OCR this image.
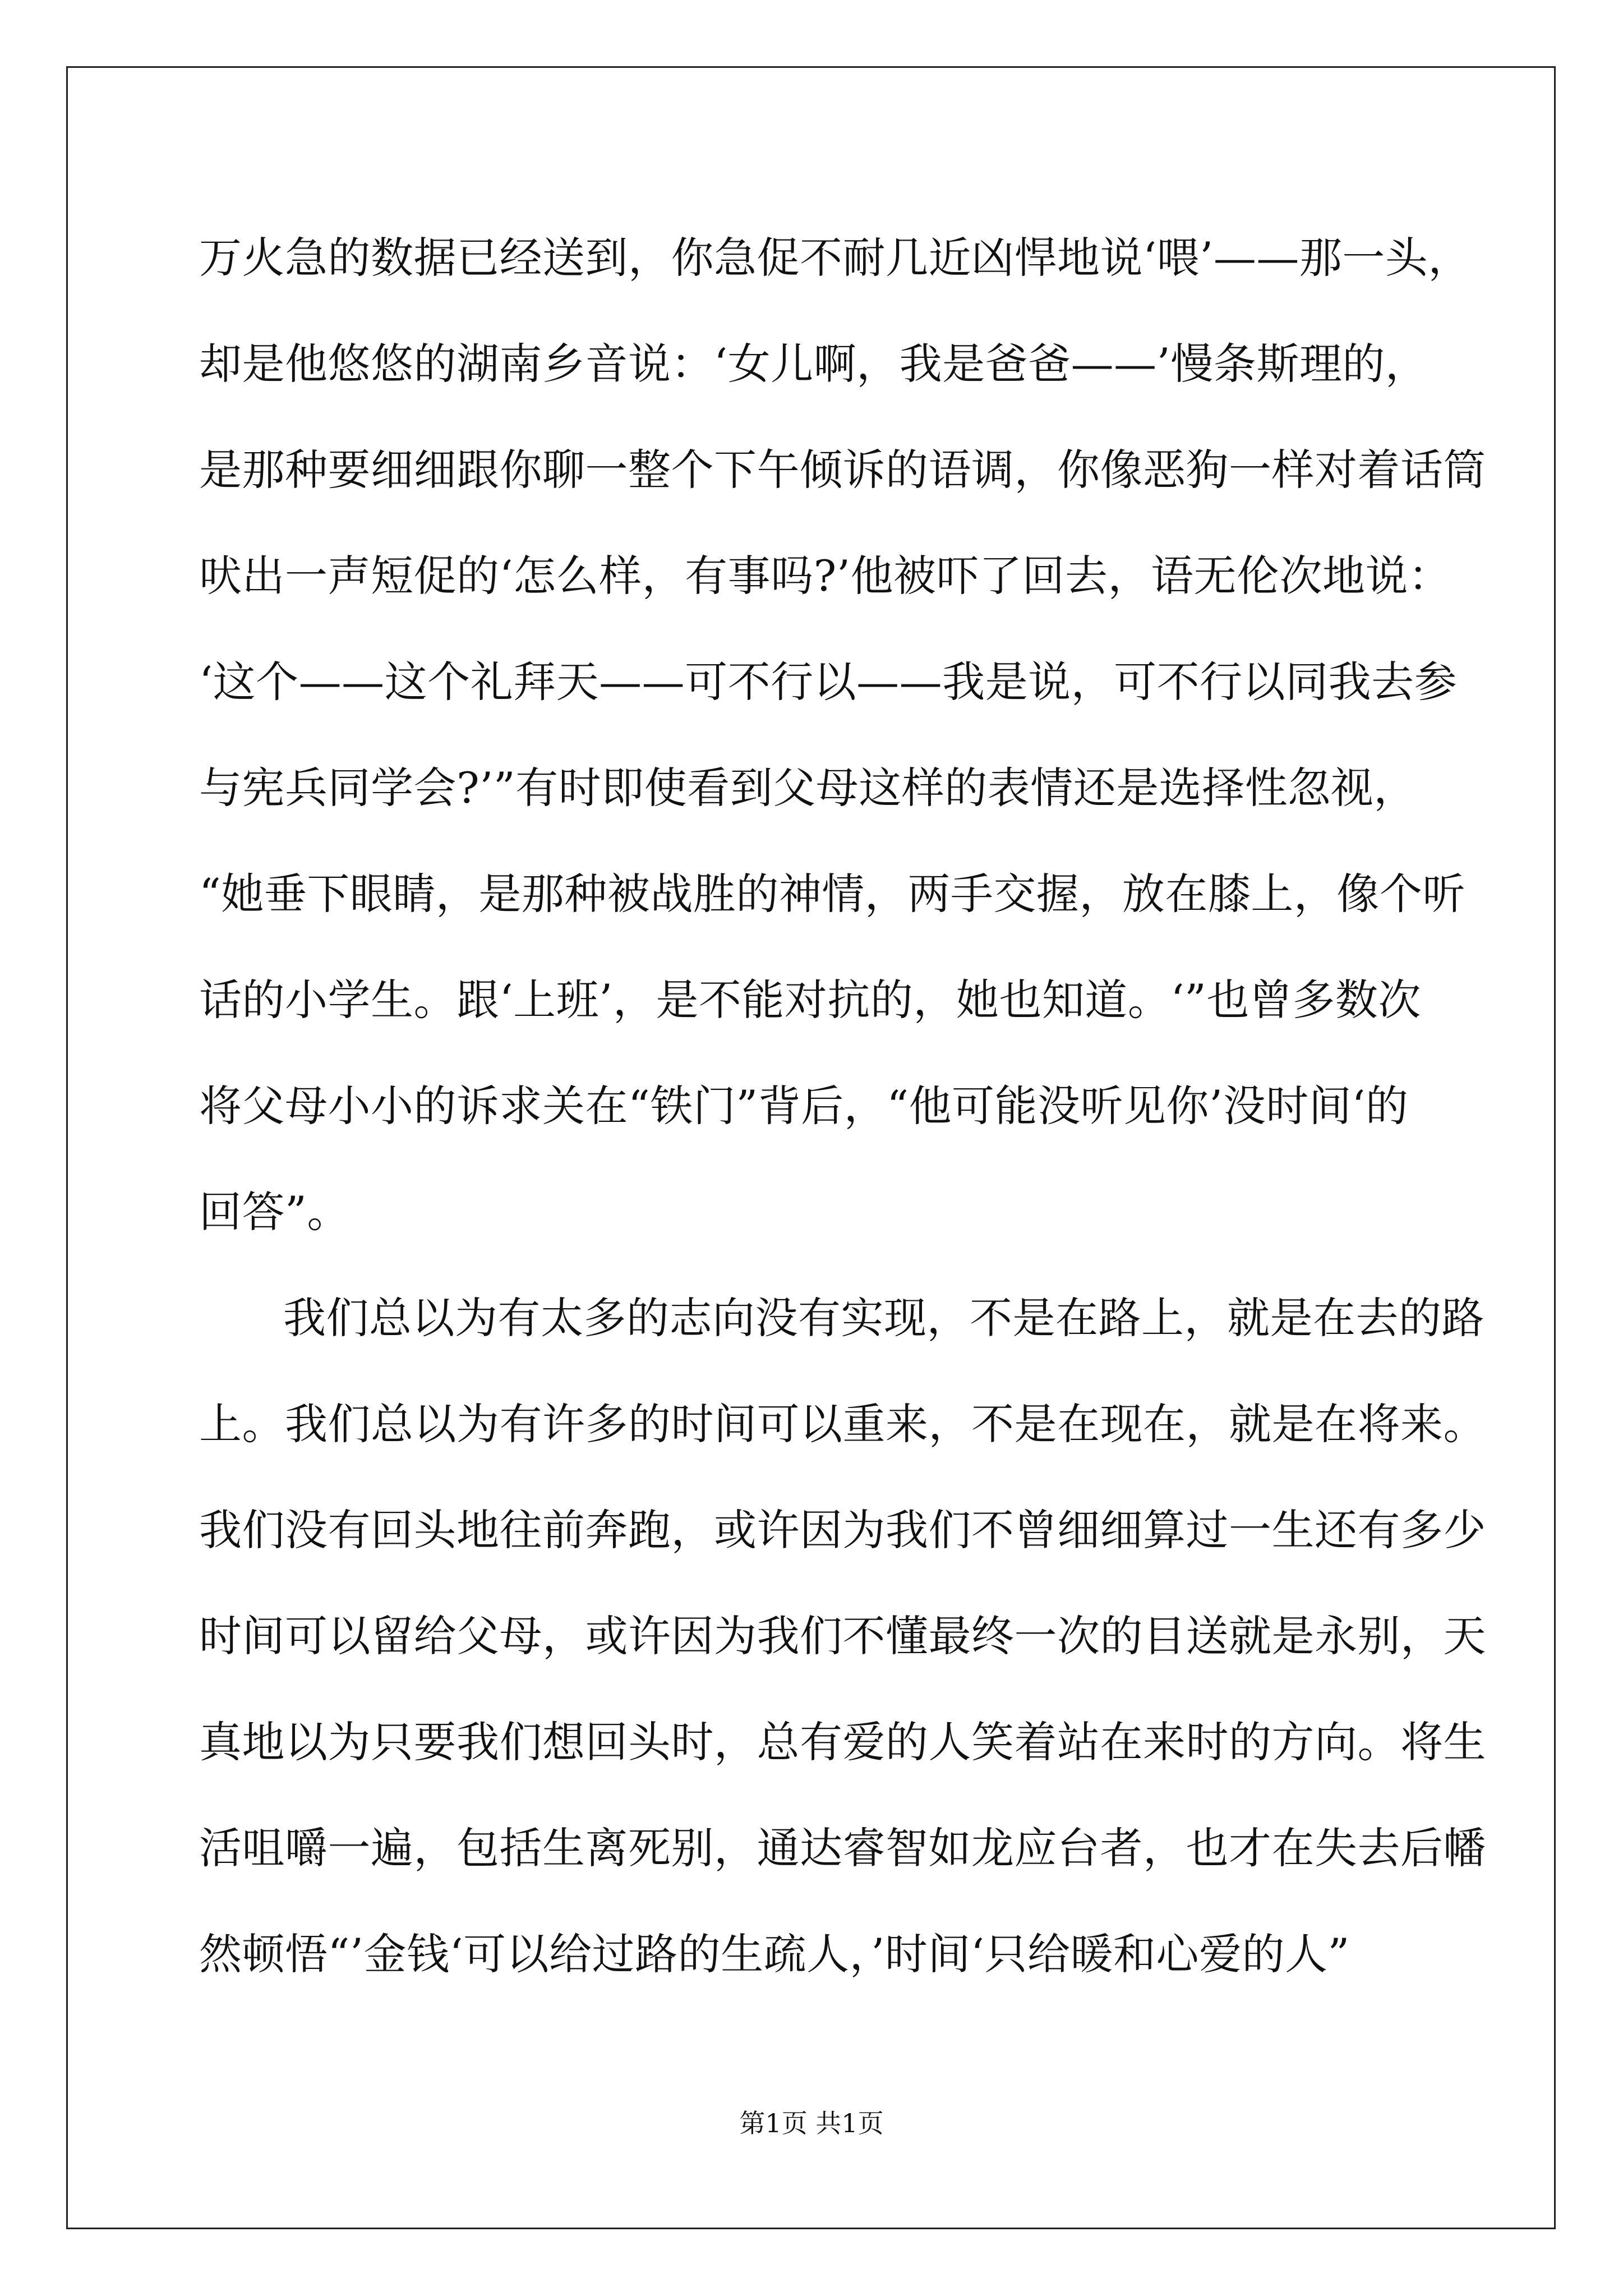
万火急的数据已经送到，你急促不耐几近凶悍地说‘喂’——那一头，
却是他悠悠的湖南乡音说：‘女儿啊，我是爸爸——’慢条斯理的，
是那种要细细跟你聊一整个下午倾诉的语调，你像恶狗一样对着话筒
吠出一声短促的‘怎么样，有事吗?’他被吓了回去，语无伦次地说：
‘这个——这个礼拜天——可不行以——我是说，可不行以同我去参
与宪兵同学会?’”有时即使看到父母这样的表情还是选择性忽视，
“她垂下眼睛，是那种被战胜的神情，两手交握，放在膝上，像个听
话的小学生。跟‘上班’，是不能对抗的，她也知道。‘”也曾多数次
将父母小小的诉求关在“铁门”背后，“他可能没听见你’没时间‘的
回答”。
我们总以为有太多的志向没有实现，不是在路上，就是在去的路
上。我们总以为有许多的时间可以重来，不是在现在，就是在将来。
我们没有回头地往前奔跑，或许因为我们不曾细细算过一生还有多少
时间可以留给父母，或许因为我们不懂最终一次的目送就是永别，天
真地以为只要我们想回头时，总有爱的人笑着站在来时的方向。将生
活咀嚼一遍，包括生离死别，通达睿智如龙应台者，也才在失去后幡
然顿悟“’金钱‘可以给过路的生疏人，’时间‘只给暖和心爱的人”
第1页 共1页
